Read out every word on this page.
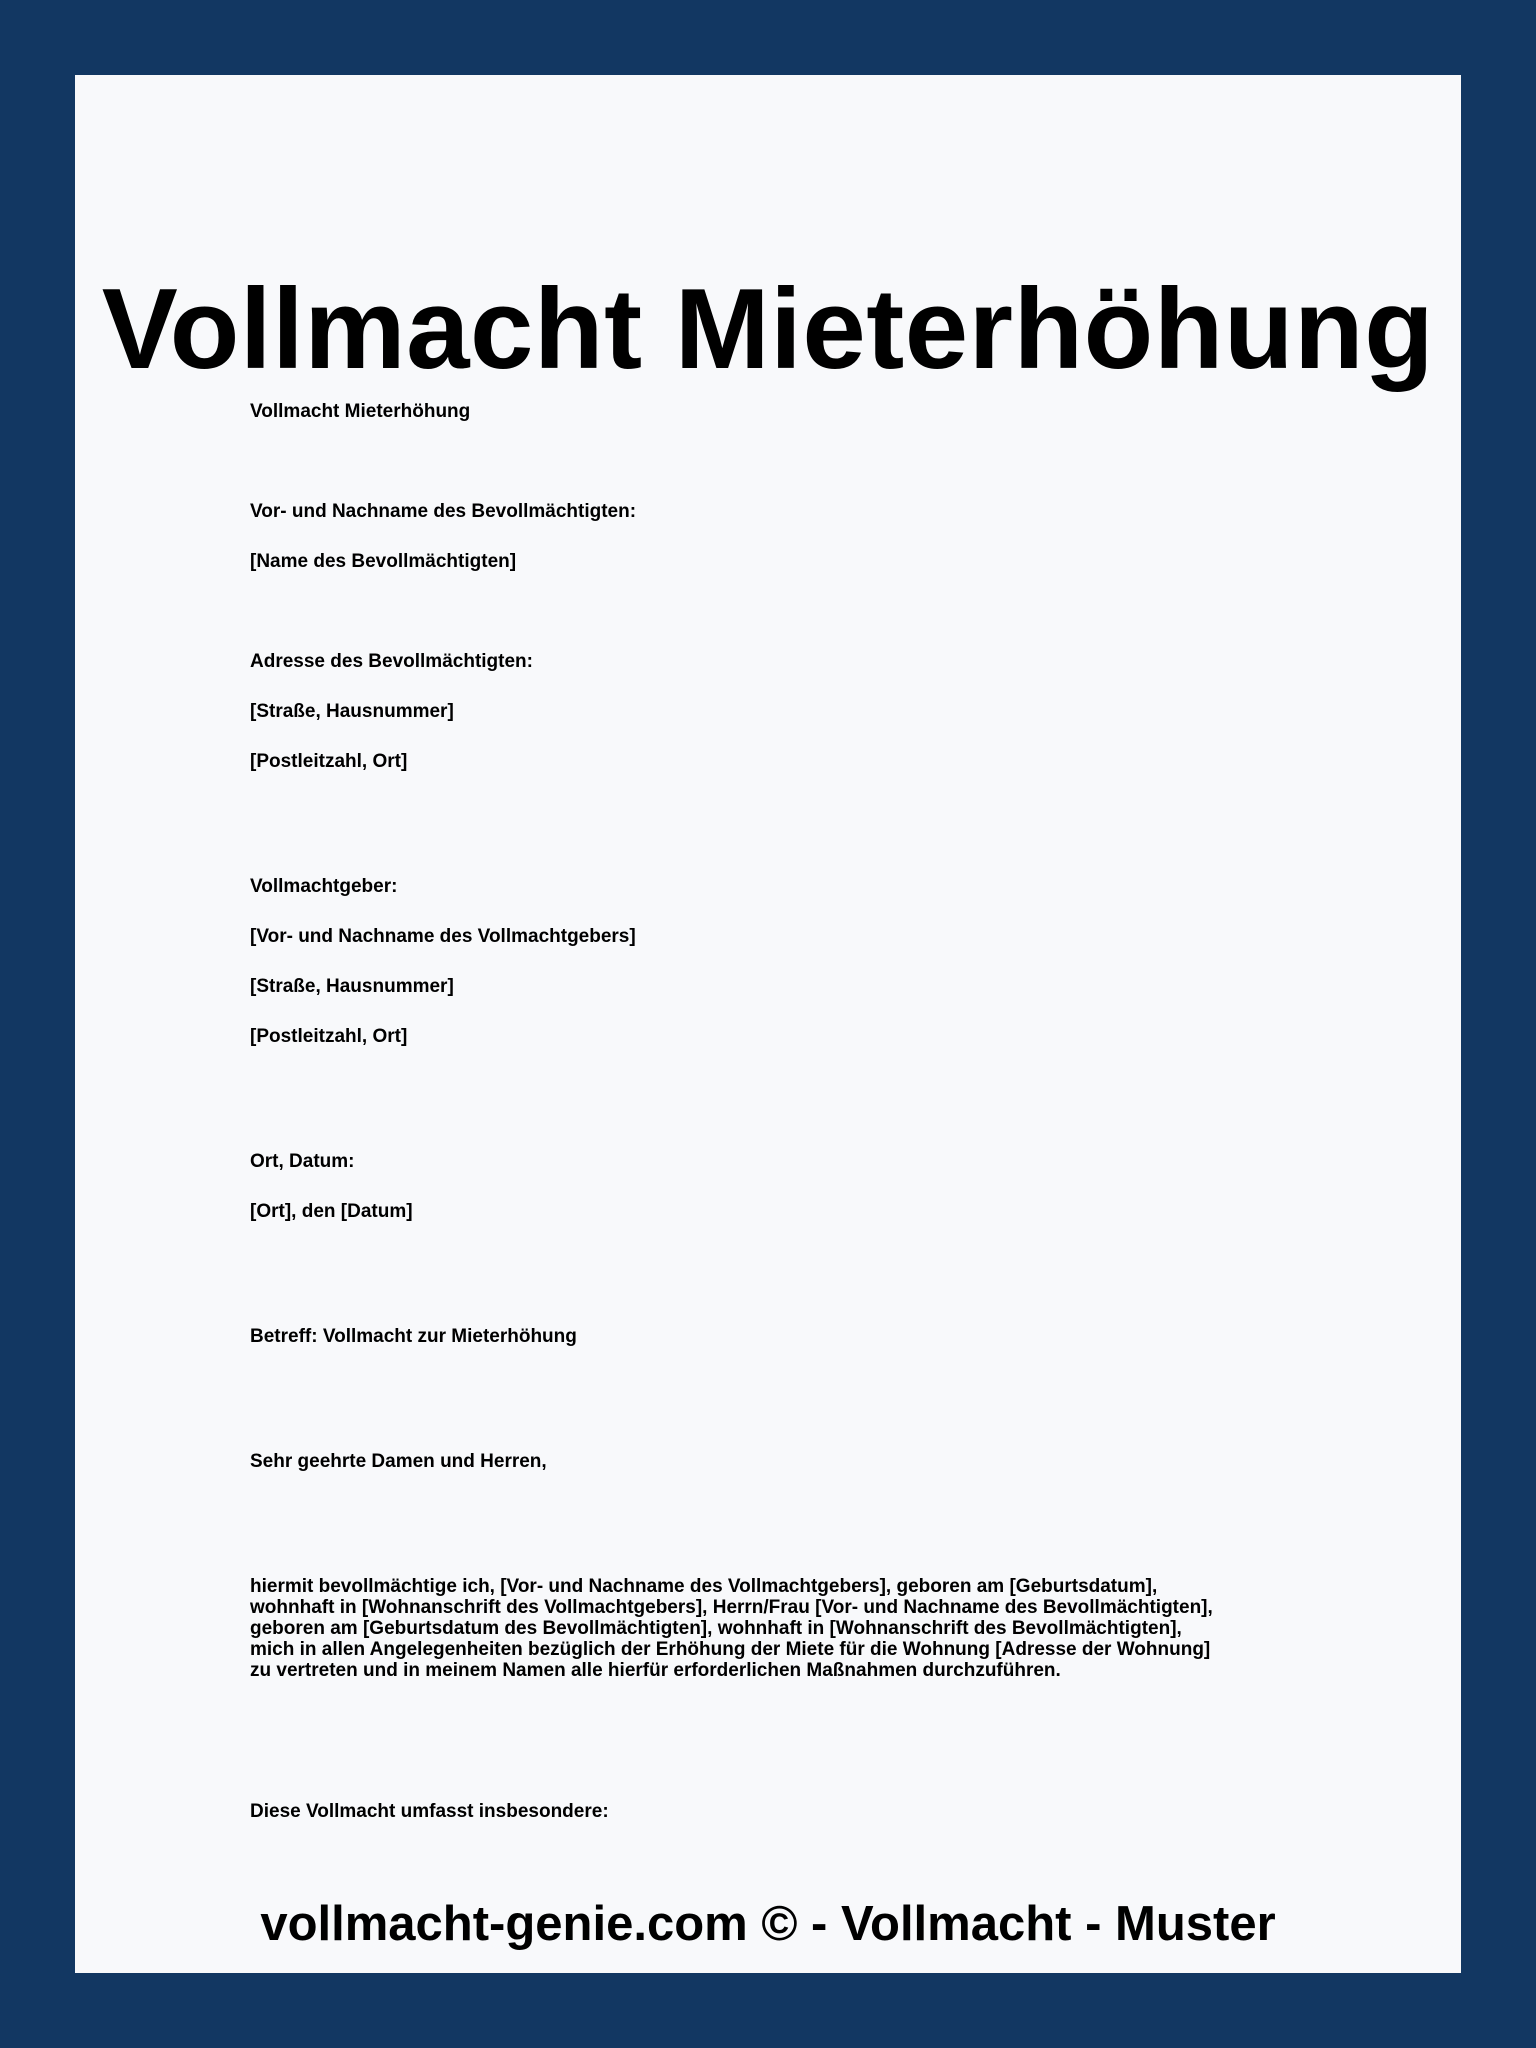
Vollmacht Mieterhöhung

Vollmacht Mieterhöhung

Vor- und Nachname des Bevollmächtigten:

[Name des Bevollmächtigten]

Adresse des Bevollmächtigten:

[Straße, Hausnummer]

[Postleitzahl, Ort]

Vollmachtgeber:

[Vor- und Nachname des Vollmachtgebers]

[Straße, Hausnummer]

[Postleitzahl, Ort]

Ort, Datum:

[Ort], den [Datum]

Betreff: Vollmacht zur Mieterhöhung

Sehr geehrte Damen und Herren,

hiermit bevollmächtige ich, [Vor- und Nachname des Vollmachtgebers], geboren am [Geburtsdatum],
wohnhaft in [Wohnanschrift des Vollmachtgebers], Herrn/Frau [Vor- und Nachname des Bevollmächtigten],
geboren am [Geburtsdatum des Bevollmächtigten], wohnhaft in [Wohnanschrift des Bevollmächtigten],
mich in allen Angelegenheiten bezüglich der Erhöhung der Miete für die Wohnung [Adresse der Wohnung]
zu vertreten und in meinem Namen alle hierfür erforderlichen Maßnahmen durchzuführen.

Diese Vollmacht umfasst insbesondere:

vollmacht-genie.com © - Vollmacht - Muster
